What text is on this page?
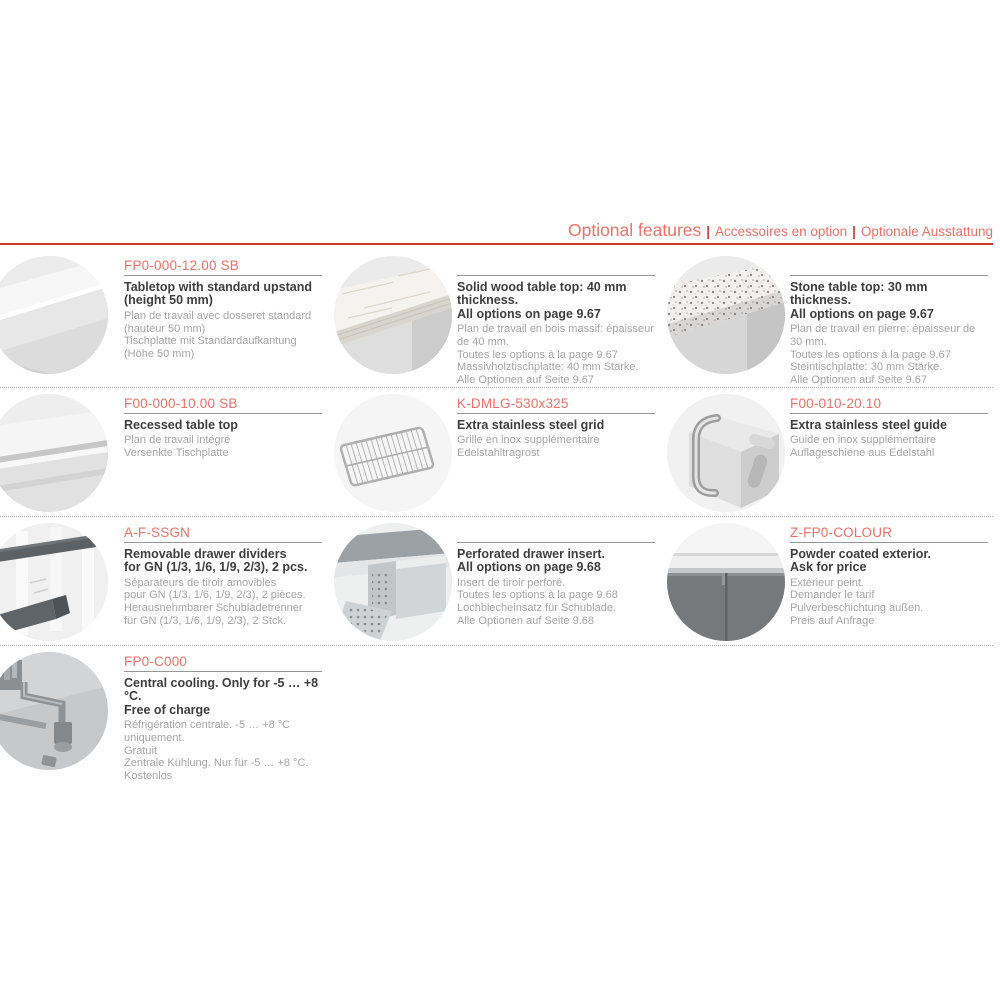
Optional features | Accessoires en option | Optionale Ausstattung
FP0-000-12.00 SB
Tabletop with standard upstand
(height 50 mm)
Plan de travail avec dosseret standard
(hauteur 50 mm)
Tischplatte mit Standardaufkantung
(Höhe 50 mm)
Solid wood table top: 40 mm thickness.
All options on page 9.67
Plan de travail en bois massif: épaisseur de 40 mm.
Toutes les options à la page 9.67
Massivholztischplatte: 40 mm Stärke.
Alle Optionen auf Seite 9.67
Stone table top: 30 mm thickness.
All options on page 9.67
Plan de travail en pierre: épaisseur de 30 mm.
Toutes les options à la page 9.67
Steintischplatte: 30 mm Stärke.
Alle Optionen auf Seite 9.67
F00-000-10.00 SB
Recessed table top
Plan de travail intégré
Versenkte Tischplatte
K-DMLG-530x325
Extra stainless steel grid
Grille en inox supplémentaire
Edelstahltragrost
F00-010-20.10
Extra stainless steel guide
Guide en inox supplémentaire
Auflageschiene aus Edelstahl
A-F-SSGN
Removable drawer dividers
for GN (1/3, 1/6, 1/9, 2/3), 2 pcs.
Séparateurs de tiroir amovibles
pour GN (1/3, 1/6, 1/9, 2/3), 2 pièces.
Herausnehmbarer Schubladetrenner
für GN (1/3, 1/6, 1/9, 2/3), 2 Stck.
Perforated drawer insert.
All options on page 9.68
Insert de tiroir perforé.
Toutes les options à la page 9.68
Lochblecheinsatz für Schublade.
Alle Optionen auf Seite 9.68
Z-FP0-COLOUR
Powder coated exterior.
Ask for price
Extérieur peint.
Demander le tarif
Pulverbeschichtung außen.
Preis auf Anfrage
FP0-C000
Central cooling. Only for -5 … +8 °C.
Free of charge
Réfrigération centrale. -5 … +8 °C uniquement.
Gratuit
Zentrale Kühlung. Nur für -5 … +8 °C.
Kostenlos
